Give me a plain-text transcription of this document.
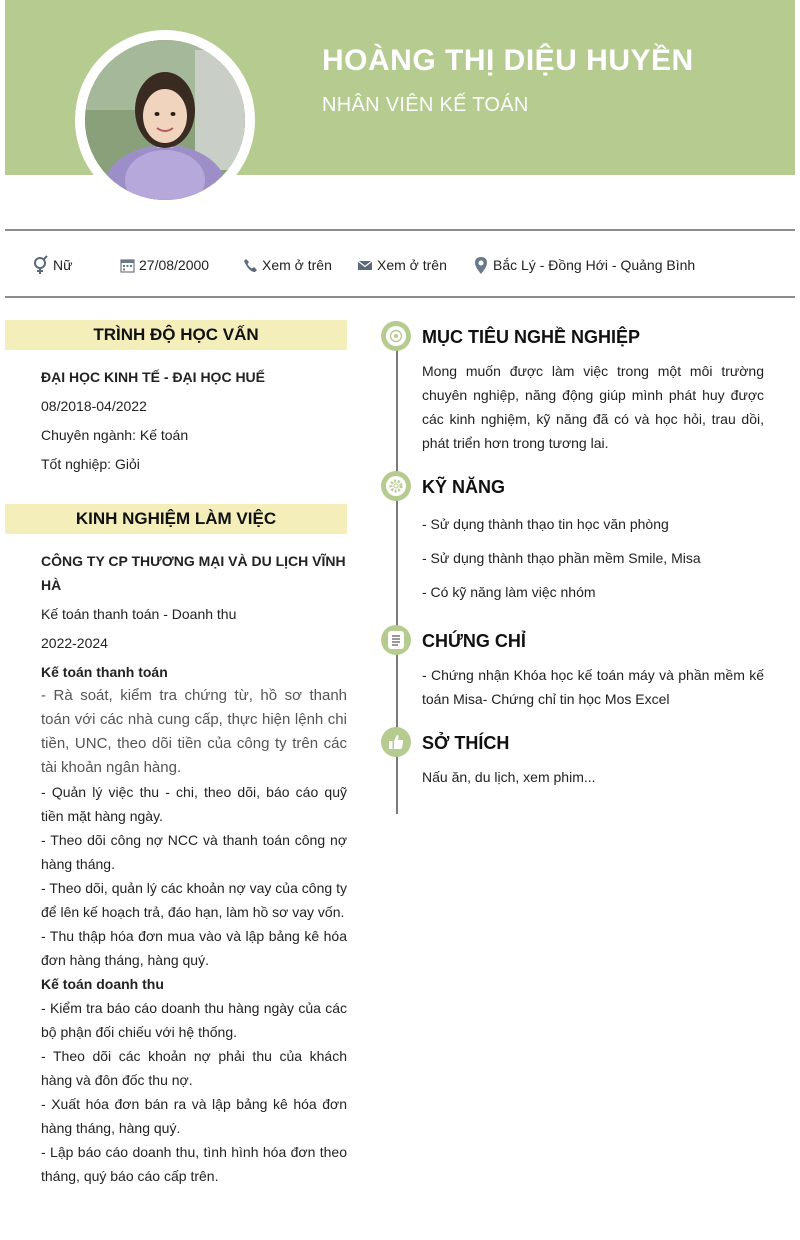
HOÀNG THỊ DIỆU HUYỀN
NHÂN VIÊN KẾ TOÁN
Nữ	27/08/2000	Xem ở trên	Xem ở trên	Bắc Lý - Đồng Hới - Quảng Bình
TRÌNH ĐỘ HỌC VẤN
ĐẠI HỌC KINH TẾ - ĐẠI HỌC HUẾ
08/2018-04/2022
Chuyên ngành: Kế toán
Tốt nghiệp: Giỏi
KINH NGHIỆM LÀM VIỆC
CÔNG TY CP THƯƠNG MẠI VÀ DU LỊCH VĨNH HÀ
Kế toán thanh toán - Doanh thu
2022-2024
Kế toán thanh toán
- Rà soát, kiểm tra chứng từ, hồ sơ thanh toán với các nhà cung cấp, thực hiện lệnh chi tiền, UNC, theo dõi tiền của công ty trên các tài khoản ngân hàng.
- Quản lý việc thu - chi, theo dõi, báo cáo quỹ tiền mặt hàng ngày.
- Theo dõi công nợ NCC và thanh toán công nợ hàng tháng.
- Theo dõi, quản lý các khoản nợ vay của công ty để lên kế hoạch trả, đáo hạn, làm hồ sơ vay vốn.
- Thu thập hóa đơn mua vào và lập bảng kê hóa đơn hàng tháng, hàng quý.
Kế toán doanh thu
- Kiểm tra báo cáo doanh thu hàng ngày của các bộ phận đối chiếu với hệ thống.
- Theo dõi các khoản nợ phải thu của khách hàng và đôn đốc thu nợ.
- Xuất hóa đơn bán ra và lập bảng kê hóa đơn hàng tháng, hàng quý.
- Lập báo cáo doanh thu, tình hình hóa đơn theo tháng, quý báo cáo cấp trên.
MỤC TIÊU NGHỀ NGHIỆP
Mong muốn được làm việc trong một môi trường chuyên nghiệp, năng động giúp mình phát huy được các kinh nghiệm, kỹ năng đã có và học hỏi, trau dồi, phát triển hơn trong tương lai.
KỸ NĂNG
- Sử dụng thành thạo tin học văn phòng
- Sử dụng thành thạo phần mềm Smile, Misa
- Có kỹ năng làm việc nhóm
CHỨNG CHỈ
- Chứng nhận Khóa học kế toán máy và phần mềm kế toán Misa- Chứng chỉ tin học Mos Excel
SỞ THÍCH
Nấu ăn, du lịch, xem phim...
